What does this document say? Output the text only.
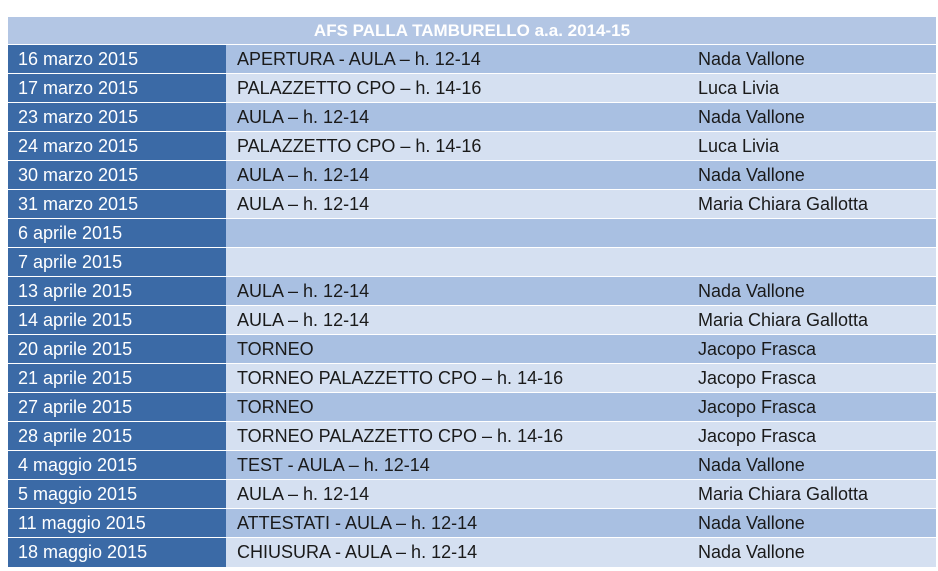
AFS PALLA TAMBURELLO a.a. 2014-15
16 marzo 2015	APERTURA - AULA – h. 12-14	Nada Vallone
17 marzo 2015	PALAZZETTO CPO – h. 14-16	Luca Livia
23 marzo 2015	AULA – h. 12-14	Nada Vallone
24 marzo 2015	PALAZZETTO CPO – h. 14-16	Luca Livia
30 marzo 2015	AULA – h. 12-14	Nada Vallone
31 marzo 2015	AULA – h. 12-14	Maria Chiara Gallotta
6 aprile 2015
7 aprile 2015
13 aprile 2015	AULA – h. 12-14	Nada Vallone
14 aprile 2015	AULA – h. 12-14	Maria Chiara Gallotta
20 aprile 2015	TORNEO	Jacopo Frasca
21 aprile 2015	TORNEO PALAZZETTO CPO – h. 14-16	Jacopo Frasca
27 aprile 2015	TORNEO	Jacopo Frasca
28 aprile 2015	TORNEO PALAZZETTO CPO – h. 14-16	Jacopo Frasca
4 maggio 2015	TEST - AULA – h. 12-14	Nada Vallone
5 maggio 2015	AULA – h. 12-14	Maria Chiara Gallotta
11 maggio 2015	ATTESTATI - AULA – h. 12-14	Nada Vallone
18 maggio 2015	CHIUSURA - AULA – h. 12-14	Nada Vallone
